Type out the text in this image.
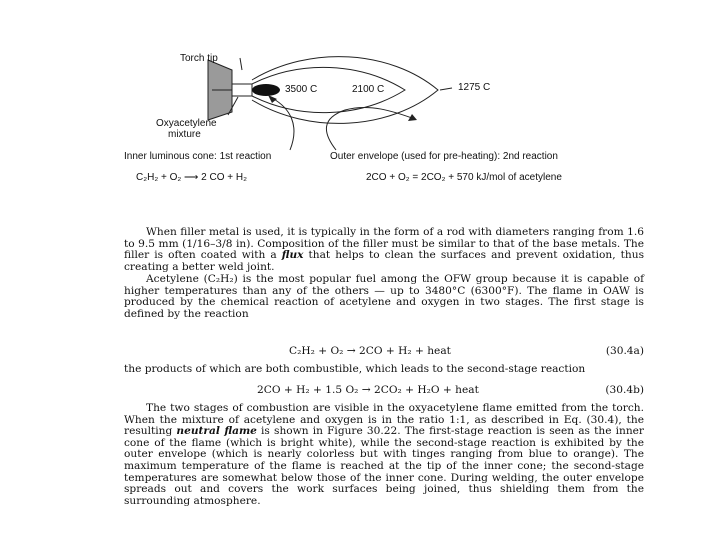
Torch tip
Oxyacetylene
mixture
3500 C	2100 C	1275 C
Inner luminous cone: 1st reaction	Outer envelope (used for pre-heating): 2nd reaction
C₂H₂ + O₂ ⟶ 2 CO + H₂	2CO + O₂ = 2CO₂ + 570 kJ/mol of acetylene

When filler metal is used, it is typically in the form of a rod with diameters ranging from 1.6 to 9.5 mm (1/16–3/8 in). Composition of the filler must be similar to that of the base metals. The filler is often coated with a flux that helps to clean the surfaces and prevent oxidation, thus creating a better weld joint.

Acetylene (C₂H₂) is the most popular fuel among the OFW group because it is capable of higher temperatures than any of the others — up to 3480°C (6300°F). The flame in OAW is produced by the chemical reaction of acetylene and oxygen in two stages. The first stage is defined by the reaction

C₂H₂ + O₂ → 2CO + H₂ + heat	(30.4a)

the products of which are both combustible, which leads to the second-stage reaction

2CO + H₂ + 1.5 O₂ → 2CO₂ + H₂O + heat	(30.4b)

The two stages of combustion are visible in the oxyacetylene flame emitted from the torch. When the mixture of acetylene and oxygen is in the ratio 1:1, as described in Eq. (30.4), the resulting neutral flame is shown in Figure 30.22. The first-stage reaction is seen as the inner cone of the flame (which is bright white), while the second-stage reaction is exhibited by the outer envelope (which is nearly colorless but with tinges ranging from blue to orange). The maximum temperature of the flame is reached at the tip of the inner cone; the second-stage temperatures are somewhat below those of the inner cone. During welding, the outer envelope spreads out and covers the work surfaces being joined, thus shielding them from the surrounding atmosphere.
